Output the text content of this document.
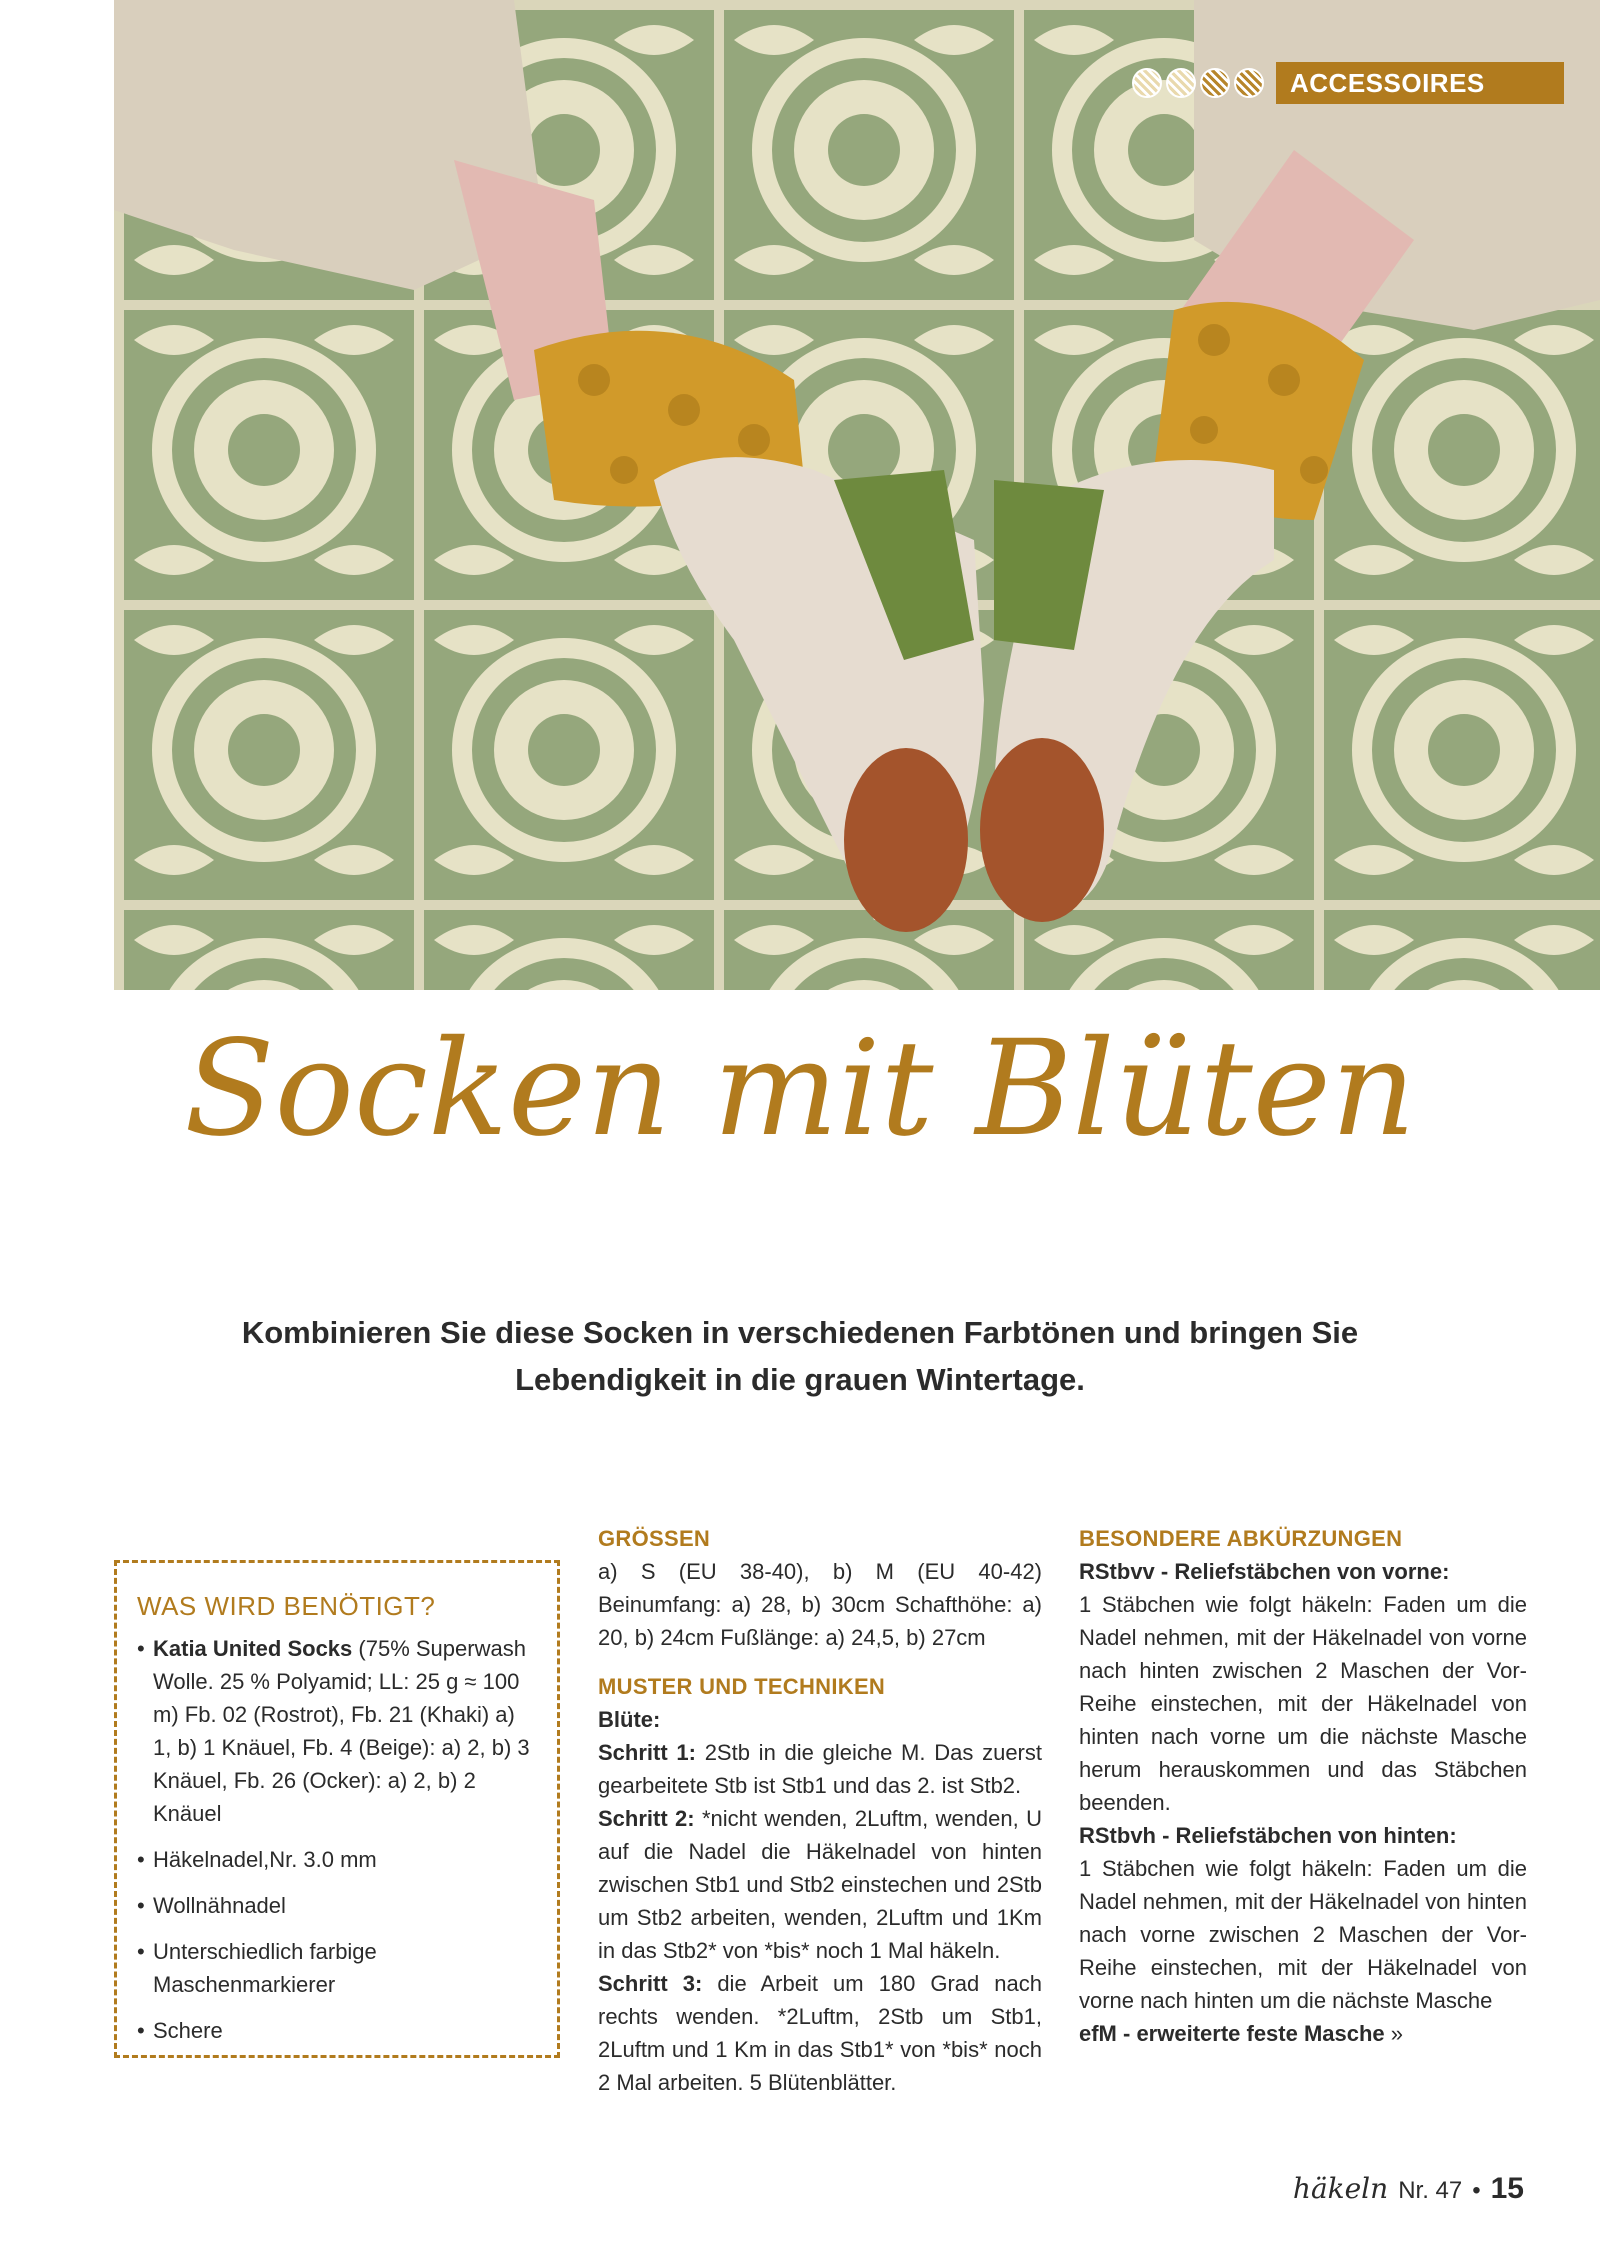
ACCESSOIRES
Socken mit Blüten
Kombinieren Sie diese Socken in verschiedenen Farbtönen und bringen Sie
Lebendigkeit in die grauen Wintertage.
WAS WIRD BENÖTIGT?
• Katia United Socks (75% Superwash Wolle. 25 % Polyamid; LL: 25 g ≈ 100 m) Fb. 02 (Rostrot), Fb. 21 (Khaki) a) 1, b) 1 Knäuel, Fb. 4 (Beige): a) 2, b) 3 Knäuel, Fb. 26 (Ocker): a) 2, b) 2 Knäuel
• Häkelnadel,Nr. 3.0 mm
• Wollnähnadel
• Unterschiedlich farbige Maschenmarkierer
• Schere
GRÖSSEN

a) S (EU 38-40), b) M (EU 40-42) Beinumfang: a) 28, b) 30cm Schafthöhe: a) 20, b) 24cm Fußlänge: a) 24,5, b) 27cm

MUSTER UND TECHNIKEN

Blüte:

Schritt 1: 2Stb in die gleiche M. Das zuerst gearbeitete Stb ist Stb1 und das 2. ist Stb2.

Schritt 2: *nicht wenden, 2Luftm, wenden, U auf die Nadel die Häkelnadel von hinten zwischen Stb1 und Stb2 einstechen und 2Stb um Stb2 arbeiten, wenden, 2Luftm und 1Km in das Stb2* von *bis* noch 1 Mal häkeln.

Schritt 3: die Arbeit um 180 Grad nach rechts wenden. *2Luftm, 2Stb um Stb1, 2Luftm und 1 Km in das Stb1* von *bis* noch 2 Mal arbeiten. 5 Blütenblätter.

BESONDERE ABKÜRZUNGEN

RStbvv - Reliefstäbchen von vorne:

1 Stäbchen wie folgt häkeln: Faden um die Nadel nehmen, mit der Häkelnadel von vorne nach hinten zwischen 2 Maschen der Vor-Reihe einstechen, mit der Häkelnadel von hinten nach vorne um die nächste Masche herum herauskommen und das Stäbchen beenden.

RStbvh - Reliefstäbchen von hinten:

1 Stäbchen wie folgt häkeln: Faden um die Nadel nehmen, mit der Häkelnadel von hinten nach vorne zwischen 2 Maschen der Vor-Reihe einstechen, mit der Häkelnadel von vorne nach hinten um die nächste Masche

efM - erweiterte feste Masche »

häkeln Nr. 47 • 15
